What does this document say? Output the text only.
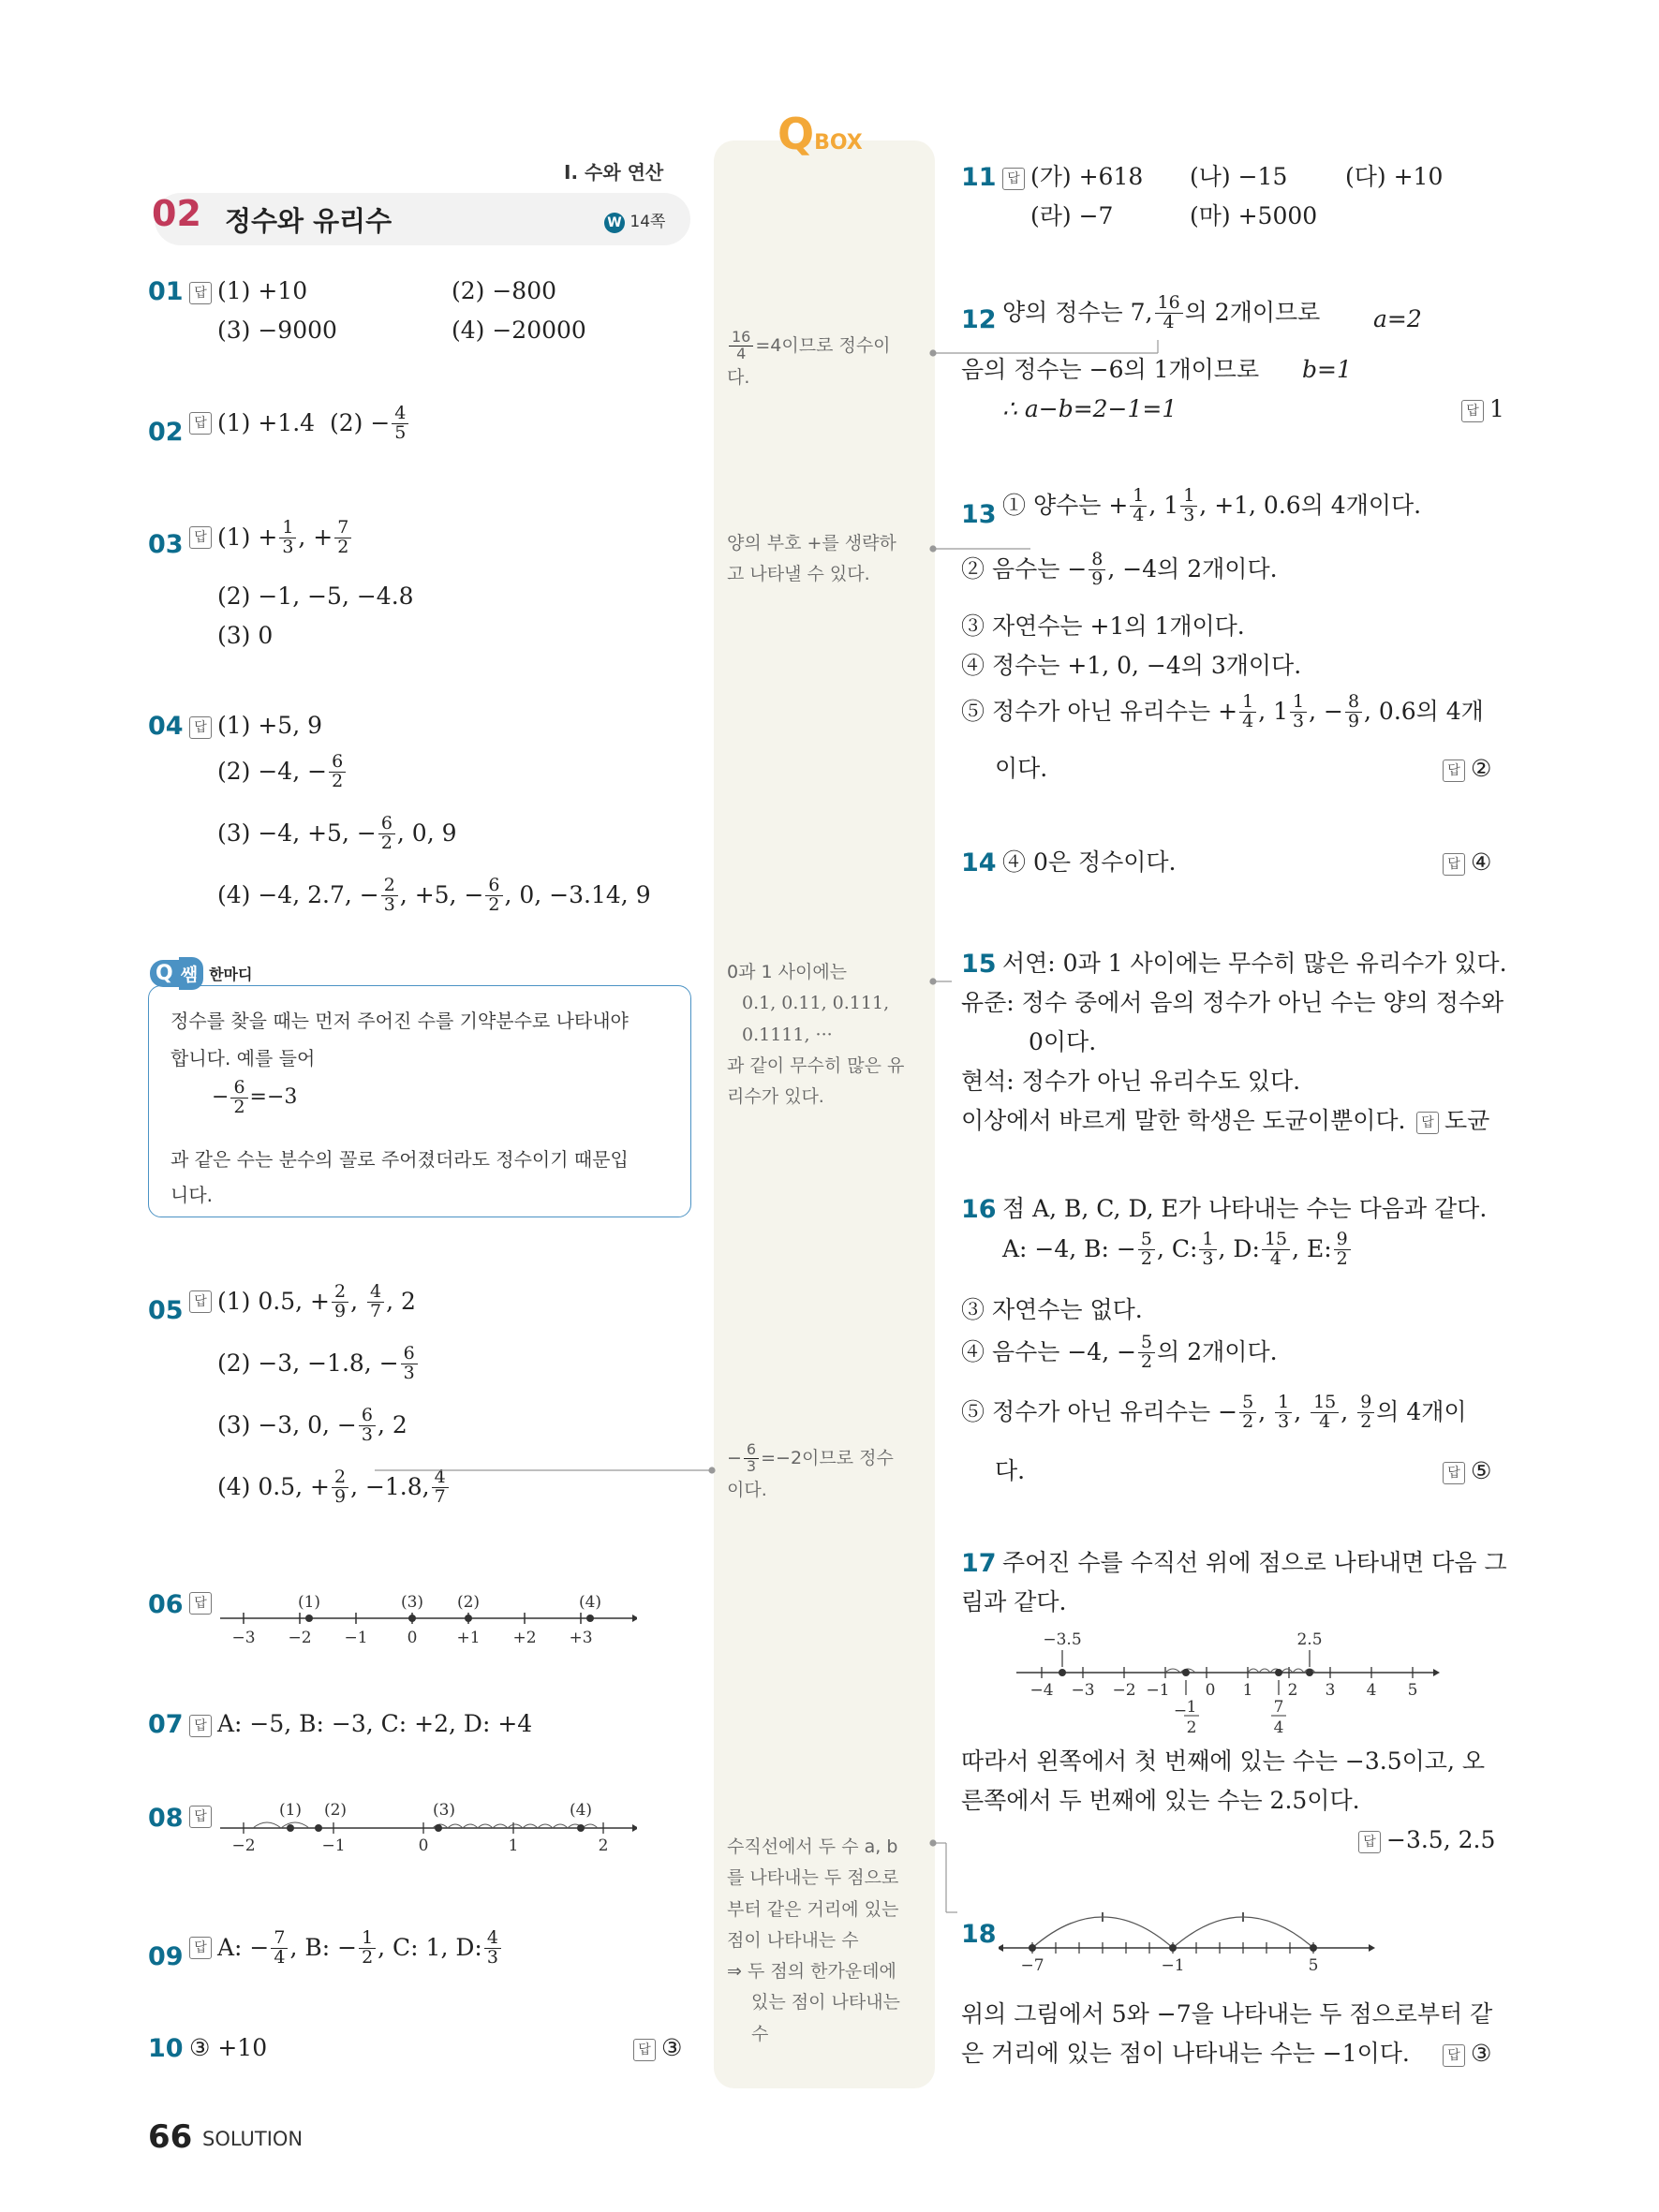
I. 수와 연산
02 정수와 유리수	W 14쪽
QBOX
01 답 (1) +10	(2) −800
(3) −9000	(4) −20000
02 답 (1) +1.4
$(2) - \frac{4}{5}$
03 답 $(1) + \frac{1}{3}$ , + $\frac{7}{2}$
(2) −1, −5, −4.8
(3) 0
04 답 (1) +5, 9
(2) −4, − $\frac{6}{2}$
(3) −4, +5, − $\frac{6}{2}$ , 0, 9
(4) −4, 2.7, − $\frac{2}{3}$ , +5, − $\frac{6}{2}$ , 0, −3.14, 9
Q 쌤 한마디
정수를 찾을 때는 먼저 주어진 수를 기약분수로 나타내야
합니다. 예를 들어
− $\frac{6}{2} =-3$
과 같은 수는 분수의 꼴로 주어졌더라도 정수이기 때문입
니다.
05 답 (1) 0.5, + $\frac{2}{9}$ , 4
7 , 2
(2) −3, −1.8, − $\frac{6}{3}$
(3) −3, 0, − $\frac{6}{3}$ , 2
(4) 0.5, + $\frac{2}{9}$ , −1.8, 4
7
06 답
−3 −2 −1 0 +1 +2 +3
(1)	(3) (2)	(4)
07 답 A: −5, B: −3, C: +2, D: +4
08 답
−2	−1	0	1	2
(1) (2)	(3)	(4)
09 답 A: − $\frac{7}{4}$ , B: − $\frac{1}{2}$ , C: 1, D: 4
3
10 ③ +10	답 ③
$\frac{16}{4} =4$이므로 정수이
다.
양의 부호 +를 생략하
고 나타낼 수 있다.
0과 1 사이에는
0.1, 0.11, 0.111,
0.1111, ···
과 같이 무수히 많은 유
리수가 있다.
− $\frac{6}{3} =-2$이므로 정수
이다.
수직선에서 두 수 a, b
를 나타내는 두 점으로
부터 같은 거리에 있는
점이 나타내는 수
⇒ 두 점의 한가운데에
있는 점이 나타내는
수
11 답 (가) +618 (나) −15 (다) +10
(라) −7	(마) +5000
12 양의 정수는 7, 16
4 의 2개이므로 a=2
음의 정수는 −6의 1개이므로 b=1
∴ a−b=2−1=1	답 1
13 ① 양수는 + $\frac{1}{4}$ , 1 1
3 , +1, 0.6의 4개이다.
② 음수는 − $\frac{8}{9}$ , −4의 2개이다.
③ 자연수는 +1의 1개이다.
④ 정수는 +1, 0, −4의 3개이다.
⑤ 정수가 아닌 유리수는 + $\frac{1}{4}$ , 1 1
3 , − $\frac{8}{9}$ , 0.6의 4개
이다.	답 ②
14 ④ 0은 정수이다.	답 ④
15 서연: 0과 1 사이에는 무수히 많은 유리수가 있다.
유준: 정수 중에서 음의 정수가 아닌 수는 양의 정수와
0이다.
현석: 정수가 아닌 유리수도 있다.
이상에서 바르게 말한 학생은 도균이뿐이다.	답 도균
16 점 A, B, C, D, E가 나타내는 수는 다음과 같다.
A: −4, B: − $\frac{5}{2}$ , C: 1
3 , D: 15
4 , E: 9
2
③ 자연수는 없다.
④ 음수는 −4, − $\frac{5}{2}$ 의 2개이다.
⑤ 정수가 아닌 유리수는 − $\frac{5}{2}$ , 1
3 , 15
4 , 9
2 의 4개이
다.	답 ⑤
17 주어진 수를 수직선 위에 점으로 나타내면 다음 그
림과 같다.
−3.5	2.5
−4 −3 −2 −1 0 1 2 3 4 5
− 1
2
7
4
따라서 왼쪽에서 첫 번째에 있는 수는 −3.5이고, 오
른쪽에서 두 번째에 있는 수는 2.5이다.
답 −3.5, 2.5
18
−7	−1	5
위의 그림에서 5와 −7을 나타내는 두 점으로부터 같
은 거리에 있는 점이 나타내는 수는 −1이다.	답 ③
66 SOLUTION
